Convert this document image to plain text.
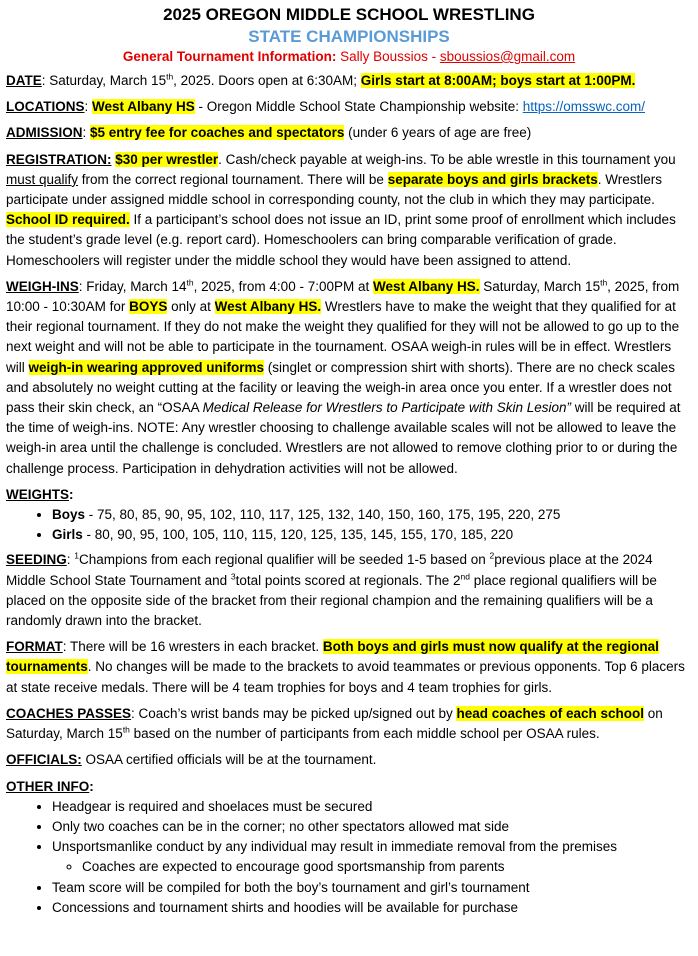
2025 OREGON MIDDLE SCHOOL WRESTLING
STATE CHAMPIONSHIPS
General Tournament Information: Sally Boussios - sboussios@gmail.com

DATE: Saturday, March 15th, 2025. Doors open at 6:30AM; Girls start at 8:00AM; boys start at 1:00PM.

LOCATIONS: West Albany HS - Oregon Middle School State Championship website: https://omsswc.com/

ADMISSION: $5 entry fee for coaches and spectators (under 6 years of age are free)

REGISTRATION: $30 per wrestler. Cash/check payable at weigh-ins. To be able wrestle in this tournament you must qualify from the correct regional tournament. There will be separate boys and girls brackets. Wrestlers participate under assigned middle school in corresponding county, not the club in which they may participate. School ID required. If a participant’s school does not issue an ID, print some proof of enrollment which includes the student’s grade level (e.g. report card). Homeschoolers can bring comparable verification of grade. Homeschoolers will register under the middle school they would have been assigned to attend.

WEIGH-INS: Friday, March 14th, 2025, from 4:00 - 7:00PM at West Albany HS. Saturday, March 15th, 2025, from 10:00 - 10:30AM for BOYS only at West Albany HS. Wrestlers have to make the weight that they qualified for at their regional tournament. If they do not make the weight they qualified for they will not be allowed to go up to the next weight and will not be able to participate in the tournament. OSAA weigh-in rules will be in effect. Wrestlers will weigh-in wearing approved uniforms (singlet or compression shirt with shorts). There are no check scales and absolutely no weight cutting at the facility or leaving the weigh-in area once you enter. If a wrestler does not pass their skin check, an “OSAA Medical Release for Wrestlers to Participate with Skin Lesion” will be required at the time of weigh-ins. NOTE: Any wrestler choosing to challenge available scales will not be allowed to leave the weigh-in area until the challenge is concluded. Wrestlers are not allowed to remove clothing prior to or during the challenge process. Participation in dehydration activities will not be allowed.

WEIGHTS:
• Boys - 75, 80, 85, 90, 95, 102, 110, 117, 125, 132, 140, 150, 160, 175, 195, 220, 275
• Girls - 80, 90, 95, 100, 105, 110, 115, 120, 125, 135, 145, 155, 170, 185, 220

SEEDING: $^1$Champions from each regional qualifier will be seeded 1-5 based on $^2$previous place at the 2024 Middle School State Tournament and $^3$total points scored at regionals. The 2nd place regional qualifiers will be placed on the opposite side of the bracket from their regional champion and the remaining qualifiers will be a randomly drawn into the bracket.

FORMAT: There will be 16 wresters in each bracket. Both boys and girls must now qualify at the regional tournaments. No changes will be made to the brackets to avoid teammates or previous opponents. Top 6 placers at state receive medals. There will be 4 team trophies for boys and 4 team trophies for girls.

COACHES PASSES: Coach’s wrist bands may be picked up/signed out by head coaches of each school on Saturday, March 15th based on the number of participants from each middle school per OSAA rules.

OFFICIALS: OSAA certified officials will be at the tournament.

OTHER INFO:
• Headgear is required and shoelaces must be secured
• Only two coaches can be in the corner; no other spectators allowed mat side
• Unsportsmanlike conduct by any individual may result in immediate removal from the premises
◦ Coaches are expected to encourage good sportsmanship from parents
• Team score will be compiled for both the boy’s tournament and girl’s tournament
• Concessions and tournament shirts and hoodies will be available for purchase
